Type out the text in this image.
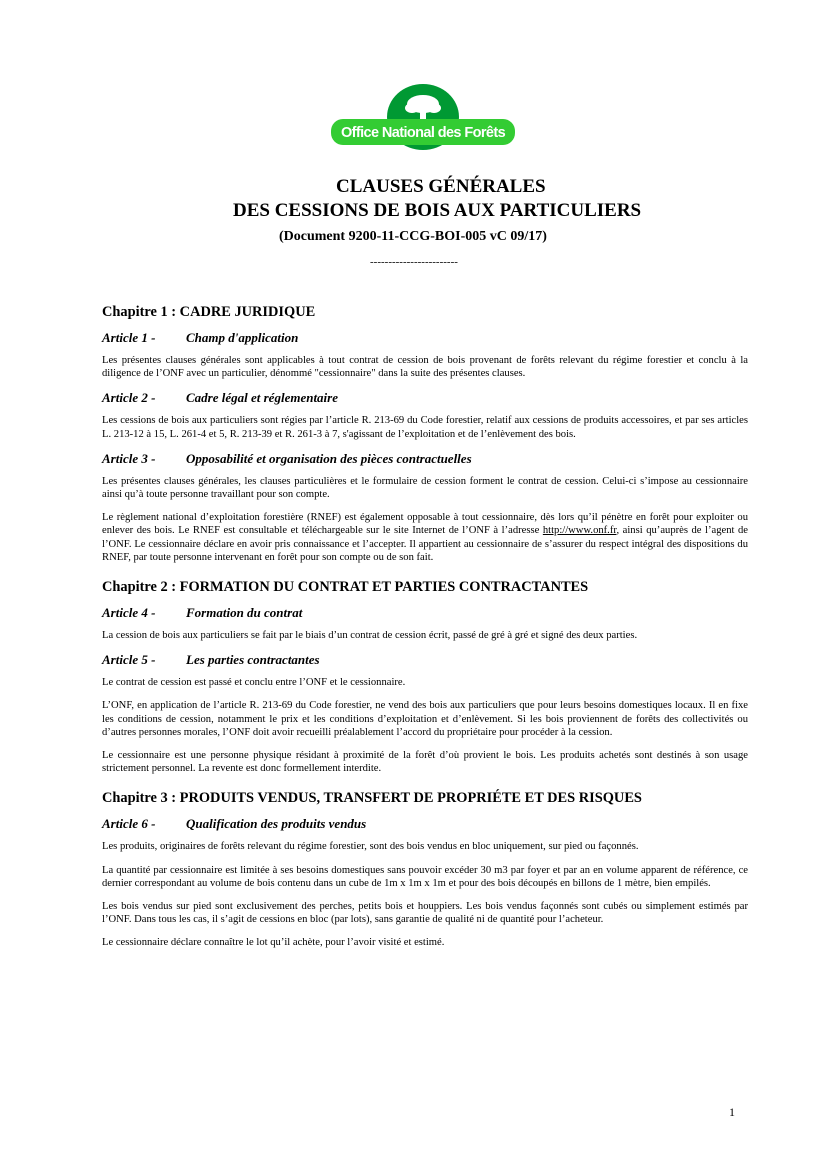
Office National des Forêts
CLAUSES GÉNÉRALES
DES CESSIONS DE BOIS AUX PARTICULIERS
(Document 9200-11-CCG-BOI-005 vC 09/17)
------------------------
Chapitre 1 : CADRE JURIDIQUE
Article 1 -	Champ d'application

Les présentes clauses générales sont applicables à tout contrat de cession de bois provenant de forêts relevant du régime forestier et conclu à la diligence de l’ONF avec un particulier, dénommé "cessionnaire" dans la suite des présentes clauses.

Article 2 -	Cadre légal et réglementaire

Les cessions de bois aux particuliers sont régies par l’article R. 213-69 du Code forestier, relatif aux cessions de produits accessoires, et par ses articles L. 213-12 à 15, L. 261-4 et 5, R. 213-39 et R. 261-3 à 7, s'agissant de l’exploitation et de l’enlèvement des bois.

Article 3 -	Opposabilité et organisation des pièces contractuelles

Les présentes clauses générales, les clauses particulières et le formulaire de cession forment le contrat de cession. Celui-ci s’impose au cessionnaire ainsi qu’à toute personne travaillant pour son compte.

Le règlement national d’exploitation forestière (RNEF) est également opposable à tout cessionnaire, dès lors qu’il pénètre en forêt pour exploiter ou enlever des bois. Le RNEF est consultable et téléchargeable sur le site Internet de l’ONF à l’adresse http://www.onf.fr, ainsi qu’auprès de l’agent de l’ONF. Le cessionnaire déclare en avoir pris connaissance et l’accepter. Il appartient au cessionnaire de s’assurer du respect intégral des dispositions du RNEF, par toute personne intervenant en forêt pour son compte ou de son fait.

Chapitre 2 : FORMATION DU CONTRAT ET PARTIES CONTRACTANTES
Article 4 -	Formation du contrat

La cession de bois aux particuliers se fait par le biais d’un contrat de cession écrit, passé de gré à gré et signé des deux parties.

Article 5 -	Les parties contractantes

Le contrat de cession est passé et conclu entre l’ONF et le cessionnaire.

L’ONF, en application de l’article R. 213-69 du Code forestier, ne vend des bois aux particuliers que pour leurs besoins domestiques locaux. Il en fixe les conditions de cession, notamment le prix et les conditions d’exploitation et d’enlèvement. Si les bois proviennent de forêts des collectivités ou d’autres personnes morales, l’ONF doit avoir recueilli préalablement l’accord du propriétaire pour procéder à la cession.

Le cessionnaire est une personne physique résidant à proximité de la forêt d’où provient le bois. Les produits achetés sont destinés à son usage strictement personnel. La revente est donc formellement interdite.

Chapitre 3 : PRODUITS VENDUS, TRANSFERT DE PROPRIÉTE ET DES RISQUES
Article 6 -	Qualification des produits vendus

Les produits, originaires de forêts relevant du régime forestier, sont des bois vendus en bloc uniquement, sur pied ou façonnés.

La quantité par cessionnaire est limitée à ses besoins domestiques sans pouvoir excéder 30 m3 par foyer et par an en volume apparent de référence, ce dernier correspondant au volume de bois contenu dans un cube de 1m x 1m x 1m et pour des bois découpés en billons de 1 mètre, bien empilés.

Les bois vendus sur pied sont exclusivement des perches, petits bois et houppiers. Les bois vendus façonnés sont cubés ou simplement estimés par l’ONF. Dans tous les cas, il s’agit de cessions en bloc (par lots), sans garantie de qualité ni de quantité pour l’acheteur.

Le cessionnaire déclare connaître le lot qu’il achète, pour l’avoir visité et estimé.

1
